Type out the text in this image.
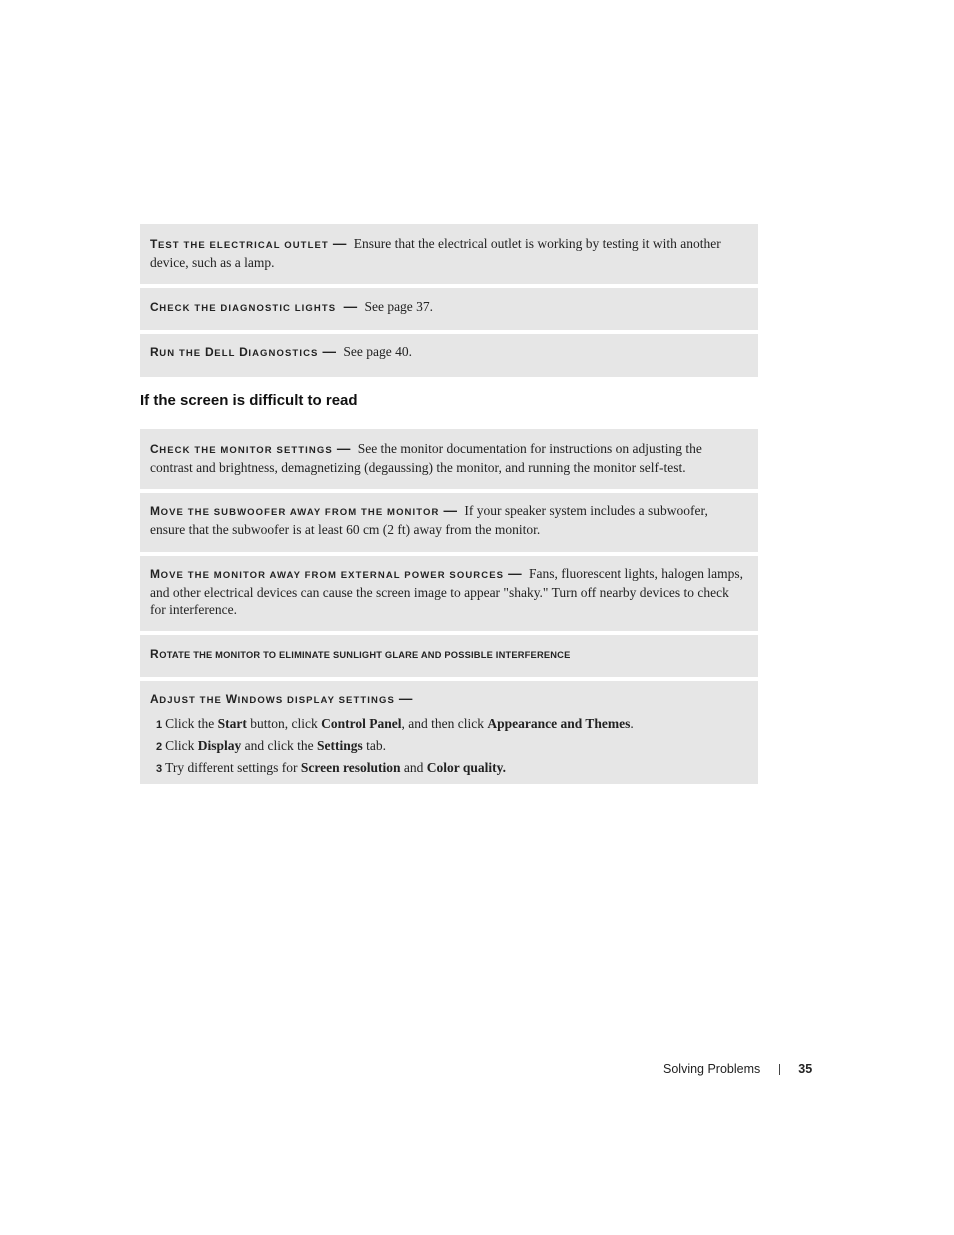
TEST THE ELECTRICAL OUTLET — Ensure that the electrical outlet is working by testing it with another device, such as a lamp.
CHECK THE DIAGNOSTIC LIGHTS — See page 37.
RUN THE DELL DIAGNOSTICS — See page 40.
If the screen is difficult to read
CHECK THE MONITOR SETTINGS — See the monitor documentation for instructions on adjusting the contrast and brightness, demagnetizing (degaussing) the monitor, and running the monitor self-test.
MOVE THE SUBWOOFER AWAY FROM THE MONITOR — If your speaker system includes a subwoofer, ensure that the subwoofer is at least 60 cm (2 ft) away from the monitor.
MOVE THE MONITOR AWAY FROM EXTERNAL POWER SOURCES — Fans, fluorescent lights, halogen lamps, and other electrical devices can cause the screen image to appear "shaky." Turn off nearby devices to check for interference.
ROTATE THE MONITOR TO ELIMINATE SUNLIGHT GLARE AND POSSIBLE INTERFERENCE
ADJUST THE WINDOWS DISPLAY SETTINGS —
1 Click the Start button, click Control Panel, and then click Appearance and Themes.
2 Click Display and click the Settings tab.
3 Try different settings for Screen resolution and Color quality.
Solving Problems	35
